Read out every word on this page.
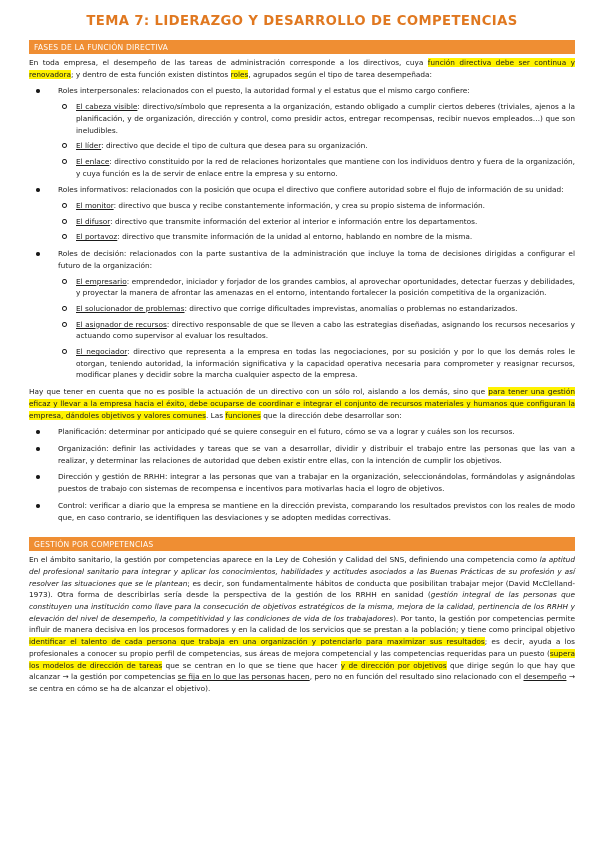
TEMA 7: LIDERAZGO Y DESARROLLO DE COMPETENCIAS
FASES DE LA FUNCIÓN DIRECTIVA

En toda empresa, el desempeño de las tareas de administración corresponde a los directivos, cuya función directiva debe ser continua y renovadora; y dentro de esta función existen distintos roles, agrupados según el tipo de tarea desempeñada:

Roles interpersonales: relacionados con el puesto, la autoridad formal y el estatus que el mismo cargo confiere:
El cabeza visible: directivo/símbolo que representa a la organización, estando obligado a cumplir ciertos deberes (triviales, ajenos a la planificación, y de organización, dirección y control, como presidir actos, entregar recompensas, recibir nuevos empleados…) que son ineludibles.
El líder: directivo que decide el tipo de cultura que desea para su organización.
El enlace: directivo constituido por la red de relaciones horizontales que mantiene con los individuos dentro y fuera de la organización, y cuya función es la de servir de enlace entre la empresa y su entorno.
Roles informativos: relacionados con la posición que ocupa el directivo que confiere autoridad sobre el flujo de información de su unidad:
El monitor: directivo que busca y recibe constantemente información, y crea su propio sistema de información.
El difusor: directivo que transmite información del exterior al interior e información entre los departamentos.
El portavoz: directivo que transmite información de la unidad al entorno, hablando en nombre de la misma.
Roles de decisión: relacionados con la parte sustantiva de la administración que incluye la toma de decisiones dirigidas a configurar el futuro de la organización:
El empresario: emprendedor, iniciador y forjador de los grandes cambios, al aprovechar oportunidades, detectar fuerzas y debilidades, y proyectar la manera de afrontar las amenazas en el entorno, intentando fortalecer la posición competitiva de la organización.
El solucionador de problemas: directivo que corrige dificultades imprevistas, anomalías o problemas no estandarizados.
El asignador de recursos: directivo responsable de que se lleven a cabo las estrategias diseñadas, asignando los recursos necesarios y actuando como supervisor al evaluar los resultados.
El negociador: directivo que representa a la empresa en todas las negociaciones, por su posición y por lo que los demás roles le otorgan, teniendo autoridad, la información significativa y la capacidad operativa necesaria para comprometer y reasignar recursos, modificar planes y decidir sobre la marcha cualquier aspecto de la empresa.

Hay que tener en cuenta que no es posible la actuación de un directivo con un sólo rol, aislando a los demás, sino que para tener una gestión eficaz y llevar a la empresa hacia el éxito, debe ocuparse de coordinar e integrar el conjunto de recursos materiales y humanos que configuran la empresa, dándoles objetivos y valores comunes. Las funciones que la dirección debe desarrollar son:

Planificación: determinar por anticipado qué se quiere conseguir en el futuro, cómo se va a lograr y cuáles son los recursos.
Organización: definir las actividades y tareas que se van a desarrollar, dividir y distribuir el trabajo entre las personas que las van a realizar, y determinar las relaciones de autoridad que deben existir entre ellas, con la intención de cumplir los objetivos.
Dirección y gestión de RRHH: integrar a las personas que van a trabajar en la organización, seleccionándolas, formándolas y asignándolas puestos de trabajo con sistemas de recompensa e incentivos para motivarlas hacia el logro de objetivos.
Control: verificar a diario que la empresa se mantiene en la dirección prevista, comparando los resultados previstos con los reales de modo que, en caso contrario, se identifiquen las desviaciones y se adopten medidas correctivas.
GESTIÓN POR COMPETENCIAS

En el ámbito sanitario, la gestión por competencias aparece en la Ley de Cohesión y Calidad del SNS, definiendo una competencia como la aptitud del profesional sanitario para integrar y aplicar los conocimientos, habilidades y actitudes asociados a las Buenas Prácticas de su profesión y así resolver las situaciones que se le plantean; es decir, son fundamentalmente hábitos de conducta que posibilitan trabajar mejor (David McClelland-1973). Otra forma de describirlas sería desde la perspectiva de la gestión de los RRHH en sanidad (gestión integral de las personas que constituyen una institución como llave para la consecución de objetivos estratégicos de la misma, mejora de la calidad, pertinencia de los RRHH y elevación del nivel de desempeño, la competitividad y las condiciones de vida de los trabajadores). Por tanto, la gestión por competencias permite influir de manera decisiva en los procesos formadores y en la calidad de los servicios que se prestan a la población; y tiene como principal objetivo identificar el talento de cada persona que trabaja en una organización y potenciarlo para maximizar sus resultados; es decir, ayuda a los profesionales a conocer su propio perfil de competencias, sus áreas de mejora competencial y las competencias requeridas para un puesto (supera los modelos de dirección de tareas que se centran en lo que se tiene que hacer y de dirección por objetivos que dirige según lo que hay que alcanzar → la gestión por competencias se fija en lo que las personas hacen, pero no en función del resultado sino relacionado con el desempeño → se centra en cómo se ha de alcanzar el objetivo).
